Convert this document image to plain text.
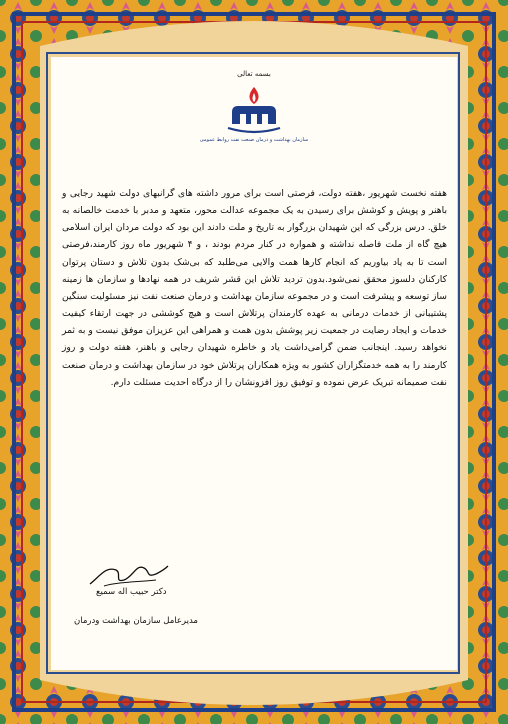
بسمه تعالی
سازمان بهداشت و درمان صنعت نفت روابط عمومی

هفته نخست شهریور ،هفته دولت، فرصتی است برای مرور داشته های گرانبهای دولت شهید رجایی و باهنر و پویش و کوشش برای رسیدن به یک مجموعه عدالت محور، متعهد و مدبر با خدمت خالصانه به خلق. درس بزرگی که این شهیدان بزرگوار به تاریخ و ملت دادند این بود که دولت مردان ایران اسلامی هیچ گاه از ملت فاصله نداشته و همواره در کنار مردم بودند ، و ۴ شهریور ماه روز کارمند،فرصتی است تا به یاد بیاوریم که انجام کارها همت والایی می‌طلبد که بی‌شک بدون تلاش و دستان پرتوان کارکنان دلسوز محقق نمی‌شود.بدون تردید تلاش این قشر شریف در همه نهادها و سازمان ها زمینه ساز توسعه و پیشرفت است و در مجموعه سازمان بهداشت و درمان صنعت نفت نیز مسئولیت سنگین پشتیبانی از خدمات درمانی به عهده کارمندان پرتلاش است و هیچ کوششی در جهت ارتقاء کیفیت خدمات و ایجاد رضایت در جمعیت زیر پوشش بدون همت و همراهی این عزیزان موفق نیست و به ثمر نخواهد رسید. اینجانب ضمن گرامی‌داشت یاد و خاطره شهیدان رجایی و باهنر، هفته دولت و روز کارمند را به همه خدمتگزاران کشور به ویژه همکاران پرتلاش خود در سازمان بهداشت و درمان صنعت نفت صمیمانه تبریک عرض نموده و توفیق روز افزونشان را از درگاه احدیت مسئلت دارم.

دکتر حبیب اله سمیع
مدیرعامل سازمان بهداشت ودرمان
